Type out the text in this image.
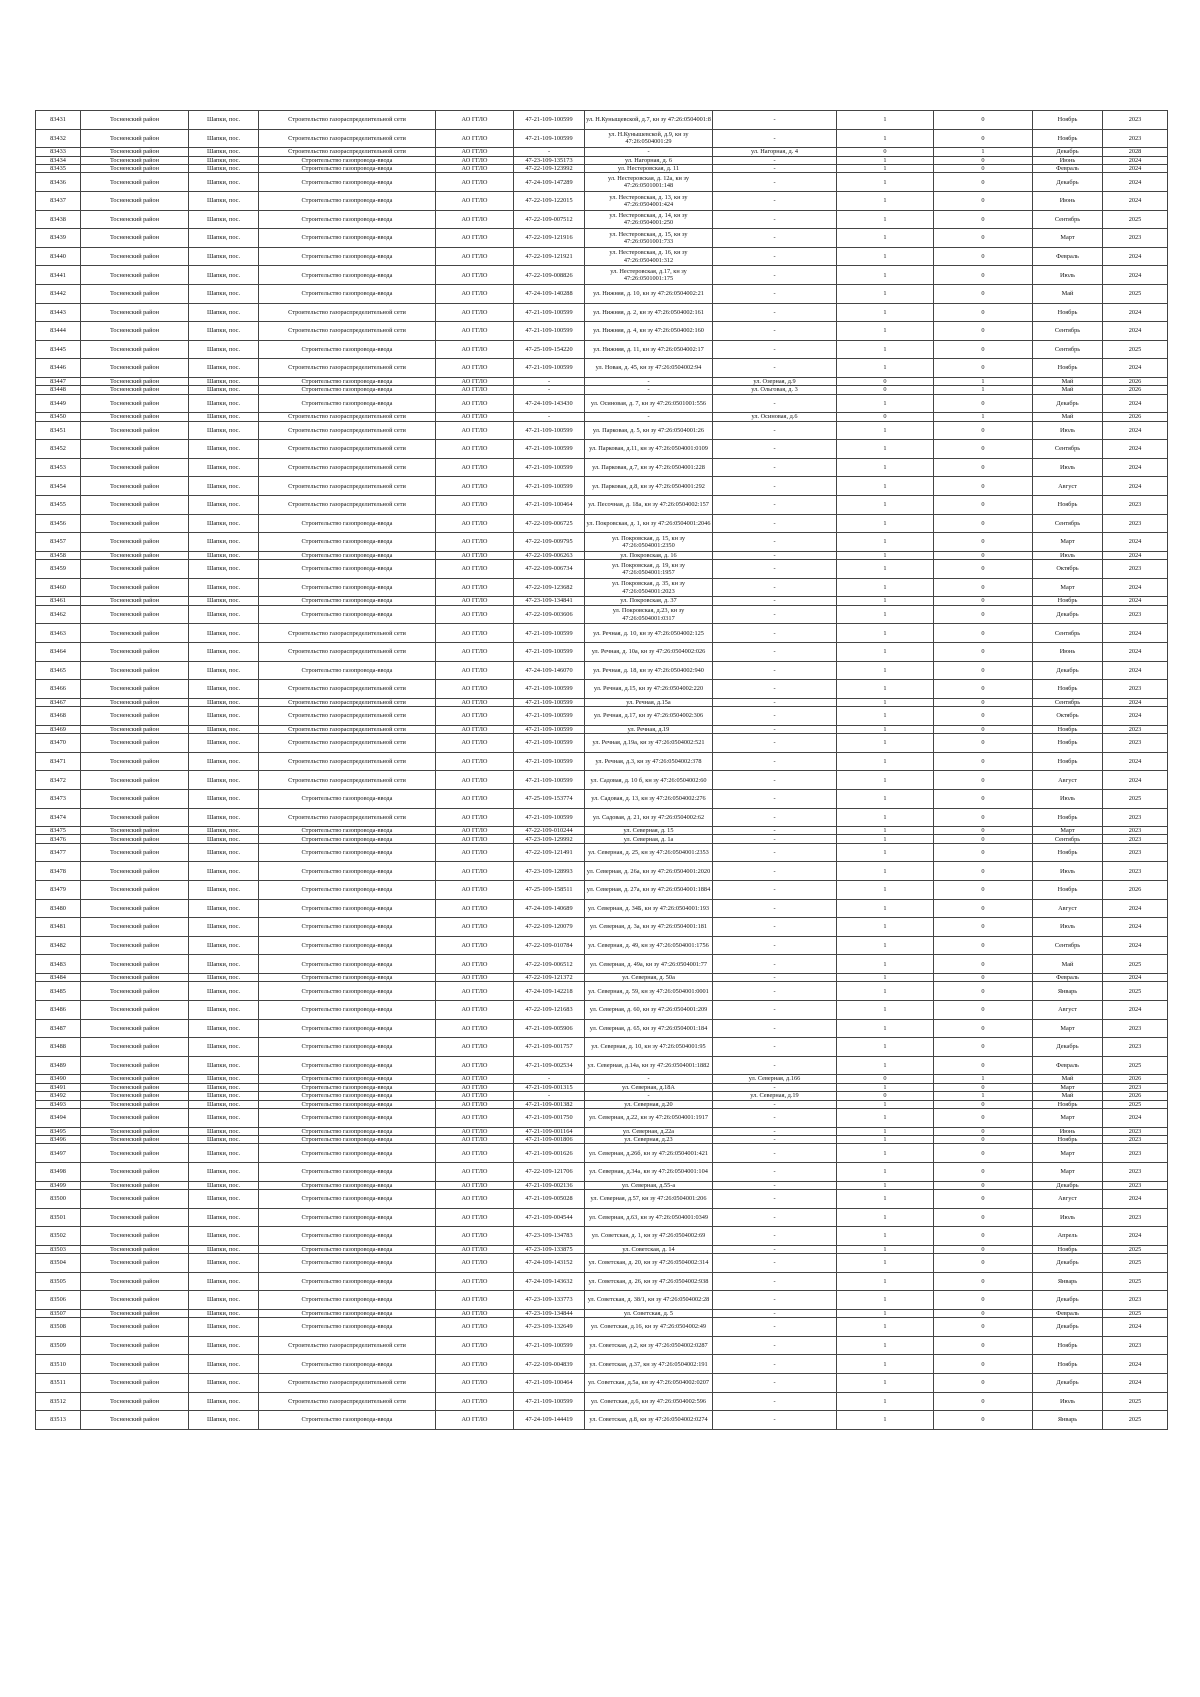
83431	Тосненский район	Шапки, пос.	Строительство газораспределительной сети	АО ГГЛО	47-21-109-100599	ул. Н.Куныщевской, д.7, кн зу 47:26:0504001:8	-	1	0	Ноябрь	2023
83432	Тосненский район	Шапки, пос.	Строительство газораспределительной сети	АО ГГЛО	47-21-109-100599	ул. Н.Кунышевской, д.9, кн зу 47:26:0504001:29	-	1	0	Ноябрь	2023
83433	Тосненский район	Шапки, пос.	Строительство газораспределительной сети	АО ГГЛО	-	-	ул. Нагорная, д. 4	0	1	Декабрь	2028
83434	Тосненский район	Шапки, пос.	Строительство газопровода-ввода	АО ГГЛО	47-23-109-135173	ул. Нагорная, д. 6	-	1	0	Июнь	2024
83435	Тосненский район	Шапки, пос.	Строительство газопровода-ввода	АО ГГЛО	47-22-109-123992	ул. Нестеровская, д. 11	-	1	0	Февраль	2024
83436	Тосненский район	Шапки, пос.	Строительство газопровода-ввода	АО ГГЛО	47-24-109-147289	ул. Нестеровская, д. 12а, кн зу 47:26:0501001:148	-	1	0	Декабрь	2024
83437	Тосненский район	Шапки, пос.	Строительство газопровода-ввода	АО ГГЛО	47-22-109-122015	ул. Нестеровская, д. 13, кн зу 47:26:0504001:424	-	1	0	Июнь	2024
83438	Тосненский район	Шапки, пос.	Строительство газопровода-ввода	АО ГГЛО	47-22-109-007512	ул. Нестеровская, д. 14, кн зу 47:26:0504001:250	-	1	0	Сентябрь	2025
83439	Тосненский район	Шапки, пос.	Строительство газопровода-ввода	АО ГГЛО	47-22-109-121916	ул. Нестеровская, д. 15, кн зу 47:26:0501001:733	-	1	0	Март	2023
83440	Тосненский район	Шапки, пос.	Строительство газопровода-ввода	АО ГГЛО	47-22-109-121921	ул. Нестеровская, д. 16, кн зу 47:26:0504001:312	-	1	0	Февраль	2024
83441	Тосненский район	Шапки, пос.	Строительство газопровода-ввода	АО ГГЛО	47-22-109-008826	ул. Нестеровская, д.17, кн зу 47:26:0501001:175	-	1	0	Июль	2024
83442	Тосненский район	Шапки, пос.	Строительство газопровода-ввода	АО ГГЛО	47-24-109-140288	ул. Нижняя, д. 10, кн зу 47:26:0504002:21	-	1	0	Май	2025
83443	Тосненский район	Шапки, пос.	Строительство газораспределительной сети	АО ГГЛО	47-21-109-100599	ул. Нижняя, д. 2, кн зу 47:26:0504002:161	-	1	0	Ноябрь	2024
83444	Тосненский район	Шапки, пос.	Строительство газораспределительной сети	АО ГГЛО	47-21-109-100599	ул. Нижняя, д. 4, кн зу 47:26:0504002:160	-	1	0	Сентябрь	2024
83445	Тосненский район	Шапки, пос.	Строительство газопровода-ввода	АО ГГЛО	47-25-109-154220	ул. Нижняя, д. 11, кн зу 47:26:0504002:17	-	1	0	Сентябрь	2025
83446	Тосненский район	Шапки, пос.	Строительство газораспределительной сети	АО ГГЛО	47-21-109-100599	ул. Новая, д. 45, кн зу 47:26:0504002:94	-	1	0	Ноябрь	2024
83447	Тосненский район	Шапки, пос.	Строительство газопровода-ввода	АО ГГЛО	-	-	ул. Озерная, д.9	0	1	Май	2026
83448	Тосненский район	Шапки, пос.	Строительство газопровода-ввода	АО ГГЛО	-	-	ул. Ольговая, д. 3	0	1	Май	2026
83449	Тосненский район	Шапки, пос.	Строительство газопровода-ввода	АО ГГЛО	47-24-109-143430	ул. Осиновая, д. 7, кн зу 47:26:0501001:556	-	1	0	Декабрь	2024
83450	Тосненский район	Шапки, пос.	Строительство газораспределительной сети	АО ГГЛО	-	-	ул. Осиновая, д.6	0	1	Май	2026
83451	Тосненский район	Шапки, пос.	Строительство газораспределительной сети	АО ГГЛО	47-21-109-100599	ул. Парковая, д. 5, кн зу 47:26:0504001:26	-	1	0	Июль	2024
83452	Тосненский район	Шапки, пос.	Строительство газораспределительной сети	АО ГГЛО	47-21-109-100599	ул. Парковая, д.11, кн зу 47:26:0504001:0109	-	1	0	Сентябрь	2024
83453	Тосненский район	Шапки, пос.	Строительство газораспределительной сети	АО ГГЛО	47-21-109-100599	ул. Парковая, д.7, кн зу 47:26:0504001:228	-	1	0	Июль	2024
83454	Тосненский район	Шапки, пос.	Строительство газораспределительной сети	АО ГГЛО	47-21-109-100599	ул. Парковая, д.8, кн зу 47:26:0504001:292	-	1	0	Август	2024
83455	Тосненский район	Шапки, пос.	Строительство газораспределительной сети	АО ГГЛО	47-21-109-100464	ул. Песочная, д. 18а, кн зу 47:26:0504002:157	-	1	0	Ноябрь	2023
83456	Тосненский район	Шапки, пос.	Строительство газопровода-ввода	АО ГГЛО	47-22-109-006725	ул. Покровская, д. 1, кн зу 47:26:0504001:2046	-	1	0	Сентябрь	2023
83457	Тосненский район	Шапки, пос.	Строительство газопровода-ввода	АО ГГЛО	47-22-109-009795	ул. Покровская, д. 15, кн зу 47:26:0504001:2350	-	1	0	Март	2024
83458	Тосненский район	Шапки, пос.	Строительство газопровода-ввода	АО ГГЛО	47-22-109-006263	ул. Покровская, д. 16	-	1	0	Июль	2024
83459	Тосненский район	Шапки, пос.	Строительство газопровода-ввода	АО ГГЛО	47-22-109-006734	ул. Покровская, д. 19, кн зу 47:26:0504001:1957	-	1	0	Октябрь	2023
83460	Тосненский район	Шапки, пос.	Строительство газопровода-ввода	АО ГГЛО	47-22-109-123682	ул. Покровская, д. 35, кн зу 47:26:0504001:2023	-	1	0	Март	2024
83461	Тосненский район	Шапки, пос.	Строительство газопровода-ввода	АО ГГЛО	47-23-109-134841	ул. Покровская, д. 37	-	1	0	Ноябрь	2024
83462	Тосненский район	Шапки, пос.	Строительство газопровода-ввода	АО ГГЛО	47-22-109-003606	ул. Покровская, д.23, кн зу 47:26:0504001:0317	-	1	0	Декабрь	2023
83463	Тосненский район	Шапки, пос.	Строительство газораспределительной сети	АО ГГЛО	47-21-109-100599	ул. Речная, д. 10, кн зу 47:26:0504002:125	-	1	0	Сентябрь	2024
83464	Тосненский район	Шапки, пос.	Строительство газораспределительной сети	АО ГГЛО	47-21-109-100599	ул. Речная, д. 10а, кн зу 47:26:0504002:026	-	1	0	Июнь	2024
83465	Тосненский район	Шапки, пос.	Строительство газопровода-ввода	АО ГГЛО	47-24-109-146070	ул. Речная, д. 18, кн зу 47:26:0504002:940	-	1	0	Декабрь	2024
83466	Тосненский район	Шапки, пос.	Строительство газораспределительной сети	АО ГГЛО	47-21-109-100599	ул. Речная, д.15, кн зу 47:26:0504002:220	-	1	0	Ноябрь	2023
83467	Тосненский район	Шапки, пос.	Строительство газораспределительной сети	АО ГГЛО	47-21-109-100599	ул. Речная, д.15а	-	1	0	Сентябрь	2024
83468	Тосненский район	Шапки, пос.	Строительство газораспределительной сети	АО ГГЛО	47-21-109-100599	ул. Речная, д.17, кн зу 47:26:0504002:306	-	1	0	Октябрь	2024
83469	Тосненский район	Шапки, пос.	Строительство газораспределительной сети	АО ГГЛО	47-21-109-100599	ул. Речная, д.19	-	1	0	Ноябрь	2023
83470	Тосненский район	Шапки, пос.	Строительство газораспределительной сети	АО ГГЛО	47-21-109-100599	ул. Речная, д.19а, кн зу 47:26:0504002:521	-	1	0	Ноябрь	2023
83471	Тосненский район	Шапки, пос.	Строительство газораспределительной сети	АО ГГЛО	47-21-109-100599	ул. Речная, д.3, кн зу 47:26:0504002:378	-	1	0	Ноябрь	2024
83472	Тосненский район	Шапки, пос.	Строительство газораспределительной сети	АО ГГЛО	47-21-109-100599	ул. Садовая, д. 10 б, кн зу 47:26:0504002:60	-	1	0	Август	2024
83473	Тосненский район	Шапки, пос.	Строительство газопровода-ввода	АО ГГЛО	47-25-109-153774	ул. Садовая, д. 13, кн зу 47:26:0504002:276	-	1	0	Июль	2025
83474	Тосненский район	Шапки, пос.	Строительство газораспределительной сети	АО ГГЛО	47-21-109-100599	ул. Садовая, д. 21, кн зу 47:26:0504002:62	-	1	0	Ноябрь	2023
83475	Тосненский район	Шапки, пос.	Строительство газопровода-ввода	АО ГГЛО	47-22-109-010244	ул. Северная, д. 15	-	1	0	Март	2023
83476	Тосненский район	Шапки, пос.	Строительство газопровода-ввода	АО ГГЛО	47-23-109-129992	ул. Северная, д. 1а	-	1	0	Сентябрь	2023
83477	Тосненский район	Шапки, пос.	Строительство газопровода-ввода	АО ГГЛО	47-22-109-121491	ул. Северная, д. 25, кн зу 47:26:0504001:2353	-	1	0	Ноябрь	2023
83478	Тосненский район	Шапки, пос.	Строительство газопровода-ввода	АО ГГЛО	47-23-109-128993	ул. Северная, д. 26а, кн зу 47:26:0504001:2020	-	1	0	Июль	2023
83479	Тосненский район	Шапки, пос.	Строительство газопровода-ввода	АО ГГЛО	47-25-109-158511	ул. Северная, д. 27а, кн зу 47:26:0504001:1884	-	1	0	Ноябрь	2026
83480	Тосненский район	Шапки, пос.	Строительство газопровода-ввода	АО ГГЛО	47-24-109-140689	ул. Северная, д. 34Б, кн зу 47:26:0504001:193	-	1	0	Август	2024
83481	Тосненский район	Шапки, пос.	Строительство газопровода-ввода	АО ГГЛО	47-22-109-120079	ул. Северная, д. 3а, кн зу 47:26:0504001:181	-	1	0	Июль	2024
83482	Тосненский район	Шапки, пос.	Строительство газопровода-ввода	АО ГГЛО	47-22-109-010784	ул. Северная, д. 49, кн зу 47:26:0504001:1756	-	1	0	Сентябрь	2024
83483	Тосненский район	Шапки, пос.	Строительство газопровода-ввода	АО ГГЛО	47-22-109-006512	ул. Северная, д. 49а, кн зу 47:26:0504001:77	-	1	0	Май	2025
83484	Тосненский район	Шапки, пос.	Строительство газопровода-ввода	АО ГГЛО	47-22-109-121372	ул. Северная, д. 50а	-	1	0	Февраль	2024
83485	Тосненский район	Шапки, пос.	Строительство газопровода-ввода	АО ГГЛО	47-24-109-142218	ул. Северная, д. 59, кн зу 47:26:0504001:0001	-	1	0	Январь	2025
83486	Тосненский район	Шапки, пос.	Строительство газопровода-ввода	АО ГГЛО	47-22-109-121683	ул. Северная, д. 60, кн зу 47:26:0504001:209	-	1	0	Август	2024
83487	Тосненский район	Шапки, пос.	Строительство газопровода-ввода	АО ГГЛО	47-21-109-005906	ул. Северная, д. 65, кн зу 47:26:0504001:184	-	1	0	Март	2023
83488	Тосненский район	Шапки, пос.	Строительство газопровода-ввода	АО ГГЛО	47-21-109-001757	ул. Северная, д. 10, кн зу 47:26:0504001:95	-	1	0	Декабрь	2023
83489	Тосненский район	Шапки, пос.	Строительство газопровода-ввода	АО ГГЛО	47-21-109-002534	ул. Северная, д.14а, кн зу 47:26:0504001:1882	-	1	0	Февраль	2025
83490	Тосненский район	Шапки, пос.	Строительство газопровода-ввода	АО ГГЛО	-	-	ул. Северная, д.166	0	1	Май	2026
83491	Тосненский район	Шапки, пос.	Строительство газопровода-ввода	АО ГГЛО	47-21-109-001315	ул. Северная, д.18А	-	1	0	Март	2023
83492	Тосненский район	Шапки, пос.	Строительство газопровода-ввода	АО ГГЛО	-	-	ул. Северная, д.19	0	1	Май	2026
83493	Тосненский район	Шапки, пос.	Строительство газопровода-ввода	АО ГГЛО	47-21-109-001382	ул. Северная, д.20	-	1	0	Ноябрь	2025
83494	Тосненский район	Шапки, пос.	Строительство газопровода-ввода	АО ГГЛО	47-21-109-001750	ул. Северная, д.22, кн зу 47:26:0504001:1917	-	1	0	Март	2024
83495	Тосненский район	Шапки, пос.	Строительство газопровода-ввода	АО ГГЛО	47-21-109-001164	ул. Северная, д.22а	-	1	0	Июнь	2023
83496	Тосненский район	Шапки, пос.	Строительство газопровода-ввода	АО ГГЛО	47-21-109-001806	ул. Северная, д.23	-	1	0	Ноябрь	2023
83497	Тосненский район	Шапки, пос.	Строительство газопровода-ввода	АО ГГЛО	47-21-109-001626	ул. Северная, д.26б, кн зу 47:26:0504001:421	-	1	0	Март	2023
83498	Тосненский район	Шапки, пос.	Строительство газопровода-ввода	АО ГГЛО	47-22-109-121706	ул. Северная, д.34а, кн зу 47:26:0504001:104	-	1	0	Март	2023
83499	Тосненский район	Шапки, пос.	Строительство газопровода-ввода	АО ГГЛО	47-21-109-002136	ул. Северная, д.55-а	-	1	0	Декабрь	2023
83500	Тосненский район	Шапки, пос.	Строительство газопровода-ввода	АО ГГЛО	47-21-109-005028	ул. Северная, д.57, кн зу 47:26:0504001:206	-	1	0	Август	2024
83501	Тосненский район	Шапки, пос.	Строительство газопровода-ввода	АО ГГЛО	47-21-109-004544	ул. Северная, д.63, кн зу 47:26:0504001:0349	-	1	0	Июль	2023
83502	Тосненский район	Шапки, пос.	Строительство газопровода-ввода	АО ГГЛО	47-23-109-134783	ул. Советская, д. 1, кн зу 47:26:0504002:69	-	1	0	Апрель	2024
83503	Тосненский район	Шапки, пос.	Строительство газопровода-ввода	АО ГГЛО	47-23-109-133875	ул. Советская, д. 14	-	1	0	Ноябрь	2025
83504	Тосненский район	Шапки, пос.	Строительство газопровода-ввода	АО ГГЛО	47-24-109-143152	ул. Советская, д. 20, кн зу 47:26:0504002:314	-	1	0	Декабрь	2025
83505	Тосненский район	Шапки, пос.	Строительство газопровода-ввода	АО ГГЛО	47-24-109-143632	ул. Советская, д. 26, кн зу 47:26:0504002:938	-	1	0	Январь	2025
83506	Тосненский район	Шапки, пос.	Строительство газопровода-ввода	АО ГГЛО	47-23-109-133773	ул. Советская, д. 38/1, кн зу 47:26:0504002:28	-	1	0	Декабрь	2023
83507	Тосненский район	Шапки, пос.	Строительство газопровода-ввода	АО ГГЛО	47-23-109-134844	ул. Советская, д. 5	-	1	0	Февраль	2025
83508	Тосненский район	Шапки, пос.	Строительство газопровода-ввода	АО ГГЛО	47-23-109-132649	ул. Советская, д.16, кн зу 47:26:0504002:49	-	1	0	Декабрь	2024
83509	Тосненский район	Шапки, пос.	Строительство газораспределительной сети	АО ГГЛО	47-21-109-100599	ул. Советская, д.2, кн зу 47:26:0504002:0287	-	1	0	Ноябрь	2023
83510	Тосненский район	Шапки, пос.	Строительство газопровода-ввода	АО ГГЛО	47-22-109-004839	ул. Советская, д.37, кн зу 47:26:0504002:191	-	1	0	Ноябрь	2024
83511	Тосненский район	Шапки, пос.	Строительство газораспределительной сети	АО ГГЛО	47-21-109-100464	ул. Советская, д.5а, кн зу 47:26:0504002:0207	-	1	0	Декабрь	2024
83512	Тосненский район	Шапки, пос.	Строительство газораспределительной сети	АО ГГЛО	47-21-109-100599	ул. Советская, д.6, кн зу 47:26:0504002:596	-	1	0	Июль	2025
83513	Тосненский район	Шапки, пос.	Строительство газопровода-ввода	АО ГГЛО	47-24-109-144419	ул. Советская, д.8, кн зу 47:26:0504002:0274	-	1	0	Январь	2025
